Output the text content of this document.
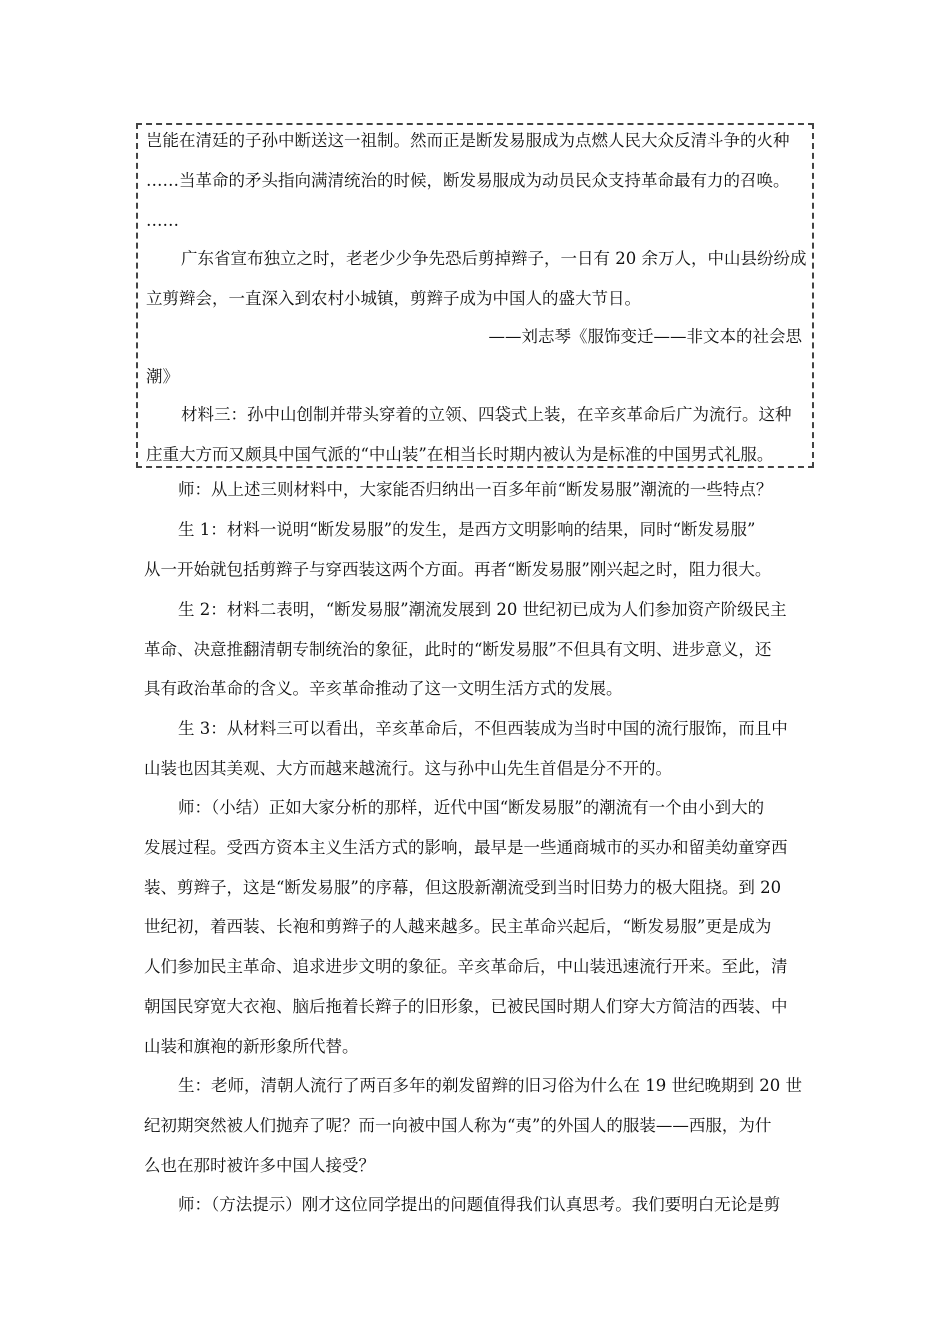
岂能在清廷的子孙中断送这一祖制。然而正是断发易服成为点燃人民大众反清斗争的火种
……当革命的矛头指向满清统治的时候，断发易服成为动员民众支持革命最有力的召唤。
……
广东省宣布独立之时，老老少少争先恐后剪掉辫子，一日有 20 余万人，中山县纷纷成
立剪辫会，一直深入到农村小城镇，剪辫子成为中国人的盛大节日。
——刘志琴《服饰变迁——非文本的社会思
潮》
材料三：孙中山创制并带头穿着的立领、四袋式上装，在辛亥革命后广为流行。这种
庄重大方而又颇具中国气派的“中山装”在相当长时期内被认为是标准的中国男式礼服。
师：从上述三则材料中，大家能否归纳出一百多年前“断发易服”潮流的一些特点？
生 1：材料一说明“断发易服”的发生，是西方文明影响的结果，同时“断发易服”
从一开始就包括剪辫子与穿西装这两个方面。再者“断发易服”刚兴起之时，阻力很大。
生 2：材料二表明，“断发易服”潮流发展到 20 世纪初已成为人们参加资产阶级民主
革命、决意推翻清朝专制统治的象征，此时的“断发易服”不但具有文明、进步意义，还
具有政治革命的含义。辛亥革命推动了这一文明生活方式的发展。
生 3：从材料三可以看出，辛亥革命后，不但西装成为当时中国的流行服饰，而且中
山装也因其美观、大方而越来越流行。这与孙中山先生首倡是分不开的。
师：（小结）正如大家分析的那样，近代中国“断发易服”的潮流有一个由小到大的
发展过程。受西方资本主义生活方式的影响，最早是一些通商城市的买办和留美幼童穿西
装、剪辫子，这是“断发易服”的序幕，但这股新潮流受到当时旧势力的极大阻挠。到 20
世纪初，着西装、长袍和剪辫子的人越来越多。民主革命兴起后，“断发易服”更是成为
人们参加民主革命、追求进步文明的象征。辛亥革命后，中山装迅速流行开来。至此，清
朝国民穿宽大衣袍、脑后拖着长辫子的旧形象，已被民国时期人们穿大方简洁的西装、中
山装和旗袍的新形象所代替。
生：老师，清朝人流行了两百多年的剃发留辫的旧习俗为什么在 19 世纪晚期到 20 世
纪初期突然被人们抛弃了呢？而一向被中国人称为“夷”的外国人的服装——西服，为什
么也在那时被许多中国人接受？
师：（方法提示）刚才这位同学提出的问题值得我们认真思考。我们要明白无论是剪
